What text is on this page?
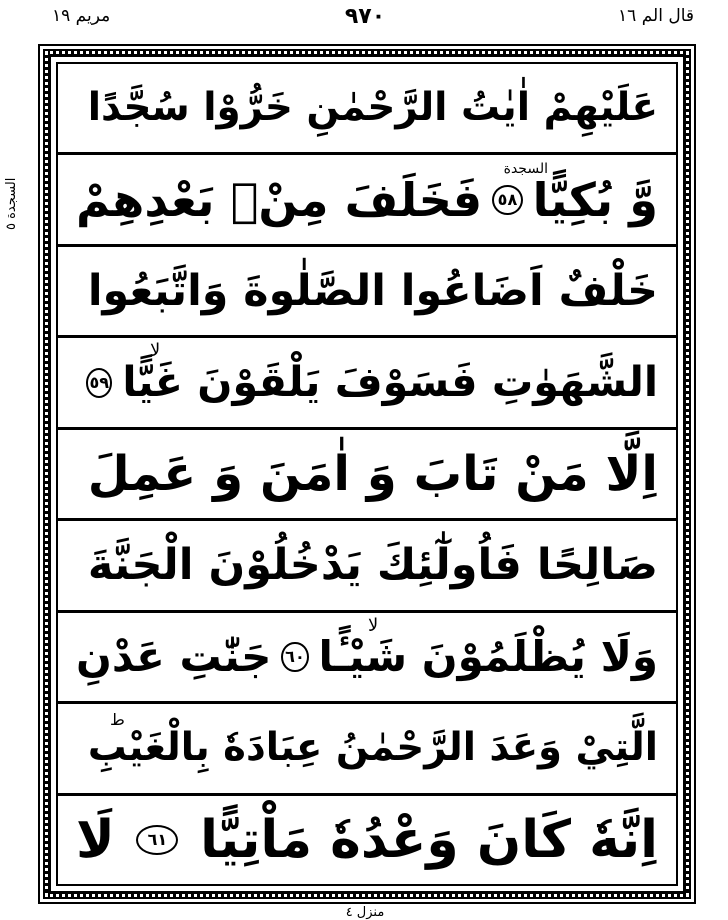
قال الم ١٦
۹٧٠
مریم ۱۹
السجدة ٥
عَلَيْهِمْ اٰيٰتُ الرَّحْمٰنِ خَرُّوْا سُجَّدًا
وَّ بُكِيًّا
السجدة
٥٨
فَخَلَفَ مِنْۢ بَعْدِهِمْ
خَلْفٌ اَضَاعُوا الصَّلٰوةَ وَاتَّبَعُوا
الشَّهَوٰتِ فَسَوْفَ يَلْقَوْنَ غَيًّا
لا
٥٩
اِلَّا مَنْ تَابَ وَ اٰمَنَ وَ عَمِلَ
صَالِحًا فَاُولٰٓئِكَ يَدْخُلُوْنَ الْجَنَّةَ
وَلَا يُظْلَمُوْنَ شَيْـًٔا
لا
٦٠
جَنّٰتِ عَدْنِ
الَّتِيْ وَعَدَ الرَّحْمٰنُ عِبَادَهٗ بِالْغَيْبِ
ط
اِنَّهٗ كَانَ وَعْدُهٗ مَاْتِيًّا
٦١
لَا
منزل ٤
